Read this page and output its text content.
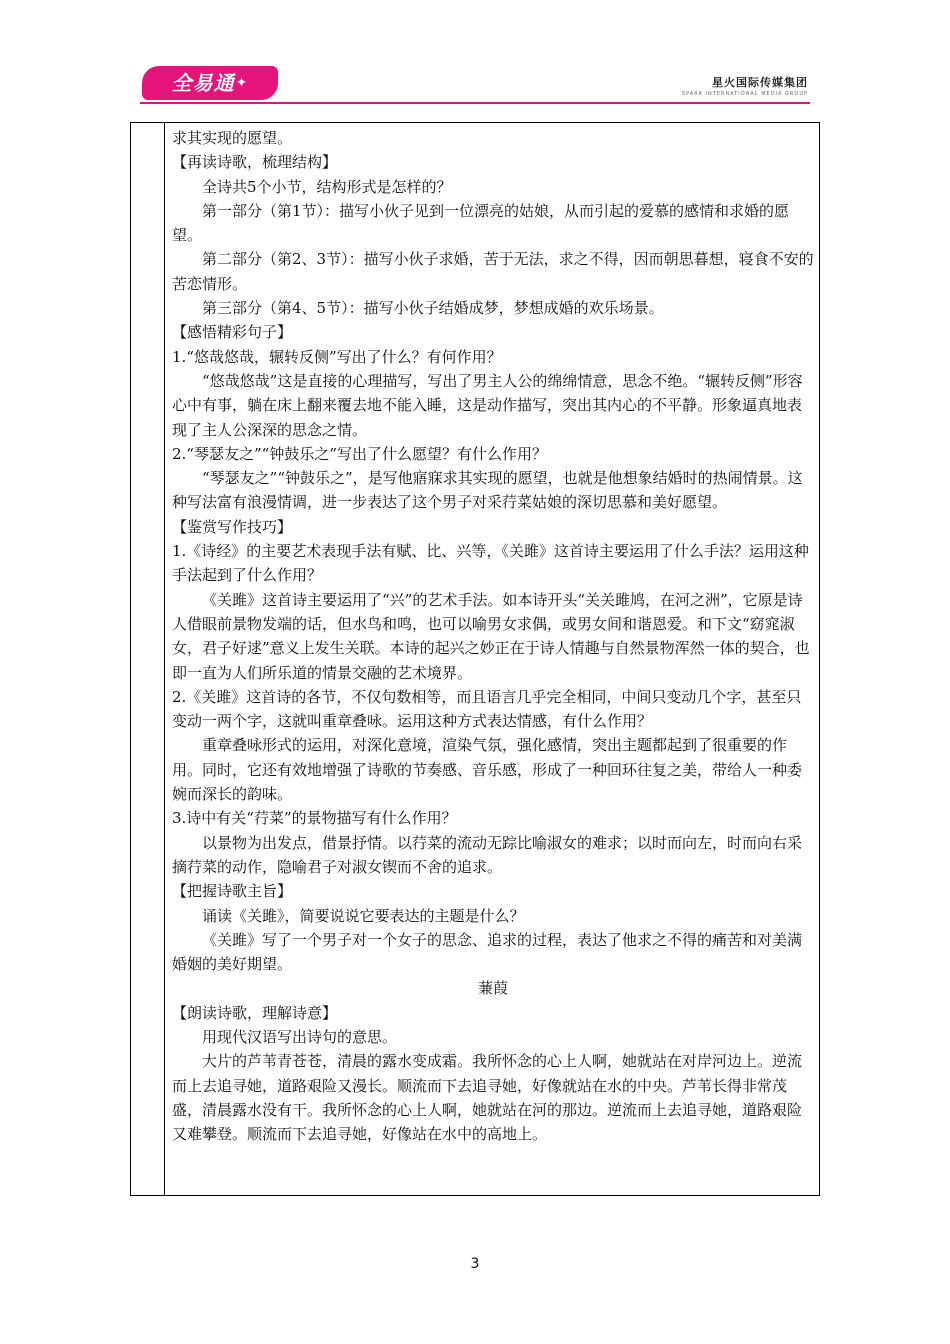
全易通✦	星火国际传媒集团
SPARK INTERNATIONAL MEDIA GROUP

求其实现的愿望。

【再读诗歌，梳理结构】

全诗共5个小节，结构形式是怎样的？

第一部分（第1节）：描写小伙子见到一位漂亮的姑娘，从而引起的爱慕的感情和求婚的愿望。

第二部分（第2、3节）：描写小伙子求婚，苦于无法，求之不得，因而朝思暮想，寝食不安的苦恋情形。

第三部分（第4、5节）：描写小伙子结婚成梦，梦想成婚的欢乐场景。

【感悟精彩句子】

1.“悠哉悠哉，辗转反侧”写出了什么？有何作用？

“悠哉悠哉”这是直接的心理描写，写出了男主人公的绵绵情意，思念不绝。“辗转反侧”形容心中有事，躺在床上翻来覆去地不能入睡，这是动作描写，突出其内心的不平静。形象逼真地表现了主人公深深的思念之情。

2.“琴瑟友之”“钟鼓乐之”写出了什么愿望？有什么作用？

“琴瑟友之”“钟鼓乐之”，是写他寤寐求其实现的愿望，也就是他想象结婚时的热闹情景。这种写法富有浪漫情调，进一步表达了这个男子对采荇菜姑娘的深切思慕和美好愿望。

【鉴赏写作技巧】

1.《诗经》的主要艺术表现手法有赋、比、兴等，《关雎》这首诗主要运用了什么手法？运用这种手法起到了什么作用？

《关雎》这首诗主要运用了“兴”的艺术手法。如本诗开头“关关雎鸠，在河之洲”，它原是诗人借眼前景物发端的话，但水鸟和鸣，也可以喻男女求偶，或男女间和谐恩爱。和下文“窈窕淑女，君子好逑”意义上发生关联。本诗的起兴之妙正在于诗人情趣与自然景物浑然一体的契合，也即一直为人们所乐道的情景交融的艺术境界。

2.《关雎》这首诗的各节，不仅句数相等，而且语言几乎完全相同，中间只变动几个字，甚至只变动一两个字，这就叫重章叠咏。运用这种方式表达情感，有什么作用？

重章叠咏形式的运用，对深化意境，渲染气氛，强化感情，突出主题都起到了很重要的作用。同时，它还有效地增强了诗歌的节奏感、音乐感，形成了一种回环往复之美，带给人一种委婉而深长的韵味。

3.诗中有关“荇菜”的景物描写有什么作用？

以景物为出发点，借景抒情。以荇菜的流动无踪比喻淑女的难求；以时而向左，时而向右采摘荇菜的动作，隐喻君子对淑女锲而不舍的追求。

【把握诗歌主旨】

诵读《关雎》，简要说说它要表达的主题是什么？

《关雎》写了一个男子对一个女子的思念、追求的过程，表达了他求之不得的痛苦和对美满婚姻的美好期望。

蒹葭

【朗读诗歌，理解诗意】

用现代汉语写出诗句的意思。

大片的芦苇青苍苍，清晨的露水变成霜。我所怀念的心上人啊，她就站在对岸河边上。逆流而上去追寻她，道路艰险又漫长。顺流而下去追寻她，好像就站在水的中央。芦苇长得非常茂盛，清晨露水没有干。我所怀念的心上人啊，她就站在河的那边。逆流而上去追寻她，道路艰险又难攀登。顺流而下去追寻她，好像站在水中的高地上。

3
